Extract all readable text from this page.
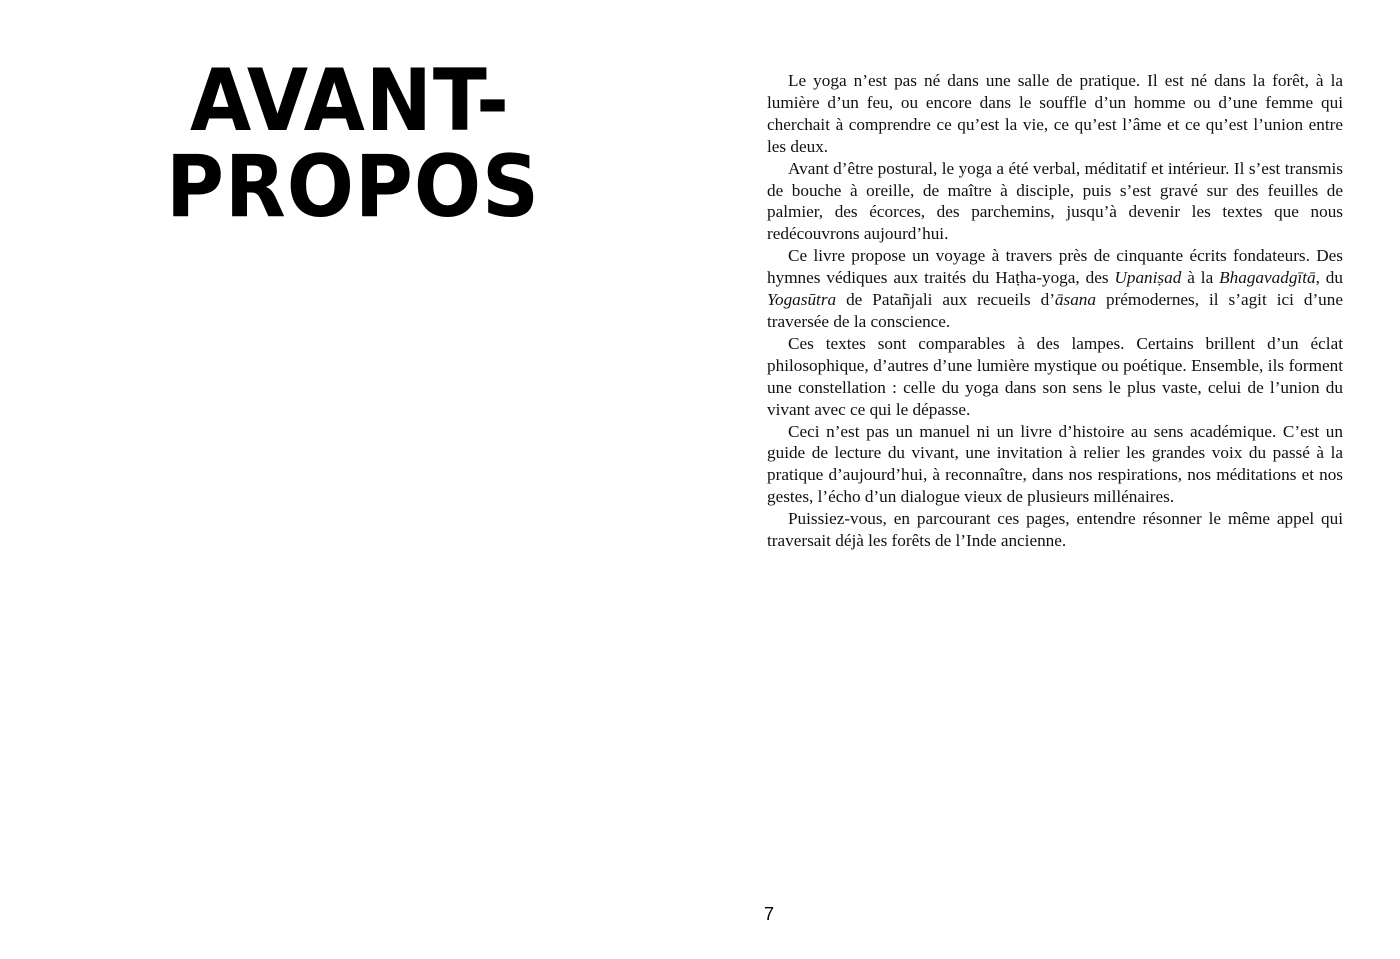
AVANT-
PROPOS

Le yoga n’est pas né dans une salle de pratique. Il est né dans la forêt, à la lumière d’un feu, ou encore dans le souffle d’un homme ou d’une femme qui cherchait à comprendre ce qu’est la vie, ce qu’est l’âme et ce qu’est l’union entre les deux.

Avant d’être postural, le yoga a été verbal, méditatif et intérieur. Il s’est transmis de bouche à oreille, de maître à disciple, puis s’est gravé sur des feuilles de palmier, des écorces, des parchemins, jusqu’à devenir les textes que nous redécouvrons aujourd’hui.

Ce livre propose un voyage à travers près de cinquante écrits fondateurs. Des hymnes védiques aux traités du Haṭha-yoga, des Upaniṣad à la Bhagavadgītā, du Yogasūtra de Patañjali aux recueils d’āsana prémodernes, il s’agit ici d’une traversée de la conscience.

Ces textes sont comparables à des lampes. Certains brillent d’un éclat philosophique, d’autres d’une lumière mystique ou poétique. Ensemble, ils forment une constellation : celle du yoga dans son sens le plus vaste, celui de l’union du vivant avec ce qui le dépasse.

Ceci n’est pas un manuel ni un livre d’histoire au sens académique. C’est un guide de lecture du vivant, une invitation à relier les grandes voix du passé à la pratique d’aujourd’hui, à reconnaître, dans nos respirations, nos méditations et nos gestes, l’écho d’un dialogue vieux de plusieurs millénaires.

Puissiez-vous, en parcourant ces pages, entendre résonner le même appel qui traversait déjà les forêts de l’Inde ancienne.

7
